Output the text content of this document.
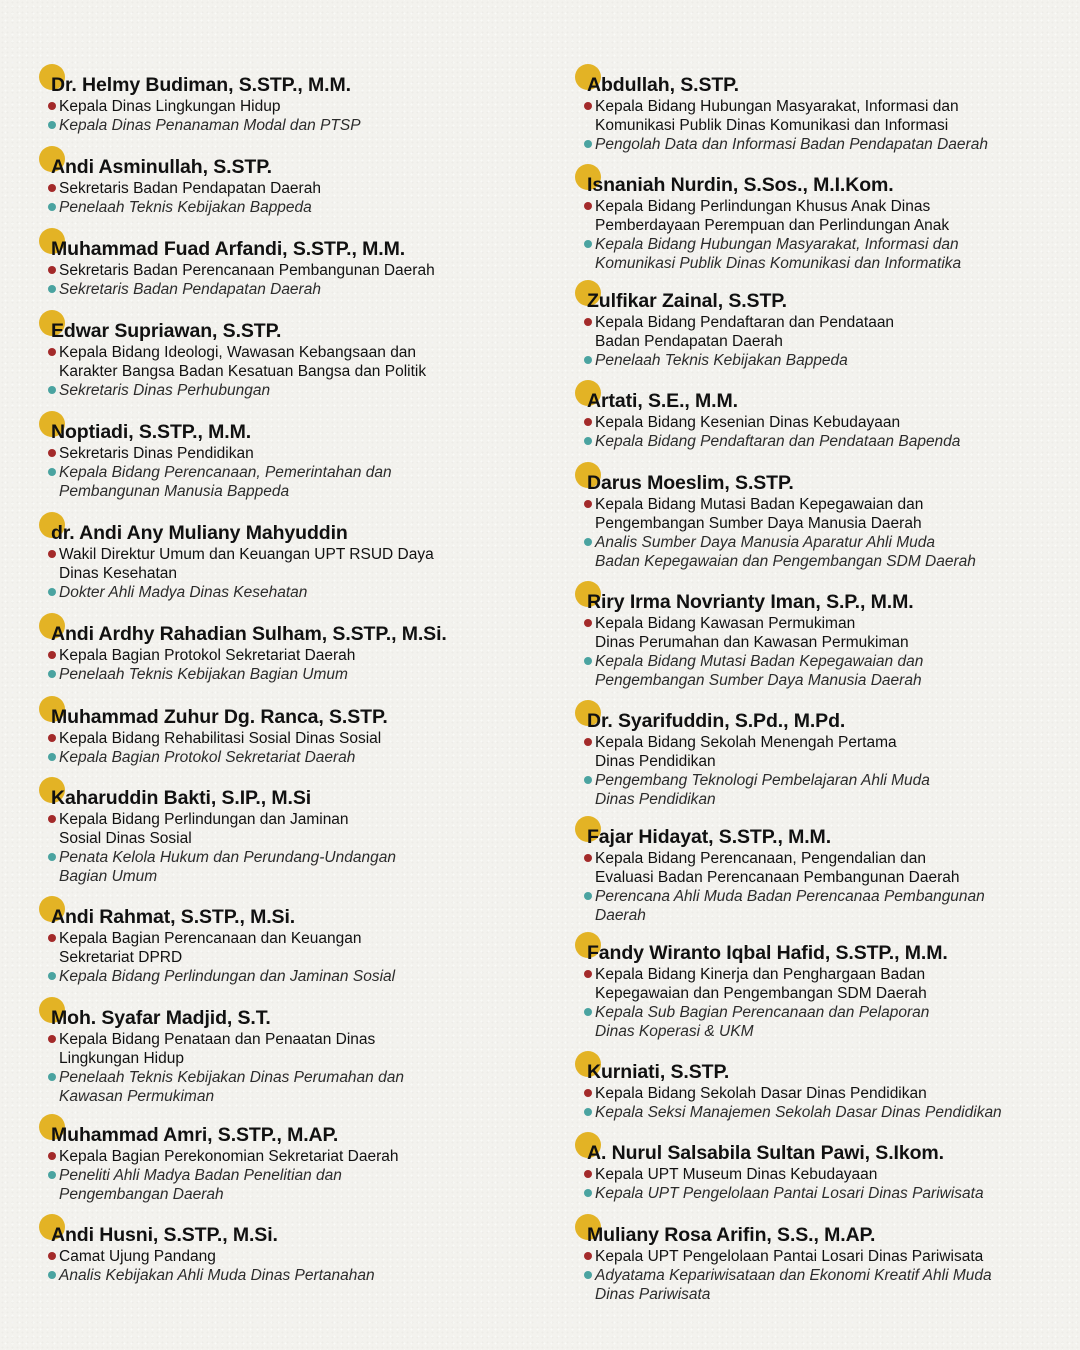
Dr. Helmy Budiman, S.STP., M.M.
Kepala Dinas Lingkungan Hidup
Kepala Dinas Penanaman Modal dan PTSP
Andi Asminullah, S.STP.
Sekretaris Badan Pendapatan Daerah
Penelaah Teknis Kebijakan Bappeda
Muhammad Fuad Arfandi, S.STP., M.M.
Sekretaris Badan Perencanaan Pembangunan Daerah
Sekretaris Badan Pendapatan Daerah
Edwar Supriawan, S.STP.
Kepala Bidang Ideologi, Wawasan Kebangsaan dan
Karakter Bangsa Badan Kesatuan Bangsa dan Politik
Sekretaris Dinas Perhubungan
Noptiadi, S.STP., M.M.
Sekretaris Dinas Pendidikan
Kepala Bidang Perencanaan, Pemerintahan dan
Pembangunan Manusia Bappeda
dr. Andi Any Muliany Mahyuddin
Wakil Direktur Umum dan Keuangan UPT RSUD Daya
Dinas Kesehatan
Dokter Ahli Madya Dinas Kesehatan
Andi Ardhy Rahadian Sulham, S.STP., M.Si.
Kepala Bagian Protokol Sekretariat Daerah
Penelaah Teknis Kebijakan Bagian Umum
Muhammad Zuhur Dg. Ranca, S.STP.
Kepala Bidang Rehabilitasi Sosial Dinas Sosial
Kepala Bagian Protokol Sekretariat Daerah
Kaharuddin Bakti, S.IP., M.Si
Kepala Bidang Perlindungan dan Jaminan
Sosial Dinas Sosial
Penata Kelola Hukum dan Perundang-Undangan
Bagian Umum
Andi Rahmat, S.STP., M.Si.
Kepala Bagian Perencanaan dan Keuangan
Sekretariat DPRD
Kepala Bidang Perlindungan dan Jaminan Sosial
Moh. Syafar Madjid, S.T.
Kepala Bidang Penataan dan Penaatan Dinas
Lingkungan Hidup
Penelaah Teknis Kebijakan Dinas Perumahan dan
Kawasan Permukiman
Muhammad Amri, S.STP., M.AP.
Kepala Bagian Perekonomian Sekretariat Daerah
Peneliti Ahli Madya Badan Penelitian dan
Pengembangan Daerah
Andi Husni, S.STP., M.Si.
Camat Ujung Pandang
Analis Kebijakan Ahli Muda Dinas Pertanahan
Abdullah, S.STP.
Kepala Bidang Hubungan Masyarakat, Informasi dan
Komunikasi Publik Dinas Komunikasi dan Informasi
Pengolah Data dan Informasi Badan Pendapatan Daerah
Isnaniah Nurdin, S.Sos., M.I.Kom.
Kepala Bidang Perlindungan Khusus Anak Dinas
Pemberdayaan Perempuan dan Perlindungan Anak
Kepala Bidang Hubungan Masyarakat, Informasi dan
Komunikasi Publik Dinas Komunikasi dan Informatika
Zulfikar Zainal, S.STP.
Kepala Bidang Pendaftaran dan Pendataan
Badan Pendapatan Daerah
Penelaah Teknis Kebijakan Bappeda
Artati, S.E., M.M.
Kepala Bidang Kesenian Dinas Kebudayaan
Kepala Bidang Pendaftaran dan Pendataan Bapenda
Darus Moeslim, S.STP.
Kepala Bidang Mutasi Badan Kepegawaian dan
Pengembangan Sumber Daya Manusia Daerah
Analis Sumber Daya Manusia Aparatur Ahli Muda
Badan Kepegawaian dan Pengembangan SDM Daerah
Riry Irma Novrianty Iman, S.P., M.M.
Kepala Bidang Kawasan Permukiman
Dinas Perumahan dan Kawasan Permukiman
Kepala Bidang Mutasi Badan Kepegawaian dan
Pengembangan Sumber Daya Manusia Daerah
Dr. Syarifuddin, S.Pd., M.Pd.
Kepala Bidang Sekolah Menengah Pertama
Dinas Pendidikan
Pengembang Teknologi Pembelajaran Ahli Muda
Dinas Pendidikan
Fajar Hidayat, S.STP., M.M.
Kepala Bidang Perencanaan, Pengendalian dan
Evaluasi Badan Perencanaan Pembangunan Daerah
Perencana Ahli Muda Badan Perencanaa Pembangunan
Daerah
Fandy Wiranto Iqbal Hafid, S.STP., M.M.
Kepala Bidang Kinerja dan Penghargaan Badan
Kepegawaian dan Pengembangan SDM Daerah
Kepala Sub Bagian Perencanaan dan Pelaporan
Dinas Koperasi & UKM
Kurniati, S.STP.
Kepala Bidang Sekolah Dasar Dinas Pendidikan
Kepala Seksi Manajemen Sekolah Dasar Dinas Pendidikan
A. Nurul Salsabila Sultan Pawi, S.Ikom.
Kepala UPT Museum Dinas Kebudayaan
Kepala UPT Pengelolaan Pantai Losari Dinas Pariwisata
Muliany Rosa Arifin, S.S., M.AP.
Kepala UPT Pengelolaan Pantai Losari Dinas Pariwisata
Adyatama Kepariwisataan dan Ekonomi Kreatif Ahli Muda
Dinas Pariwisata
